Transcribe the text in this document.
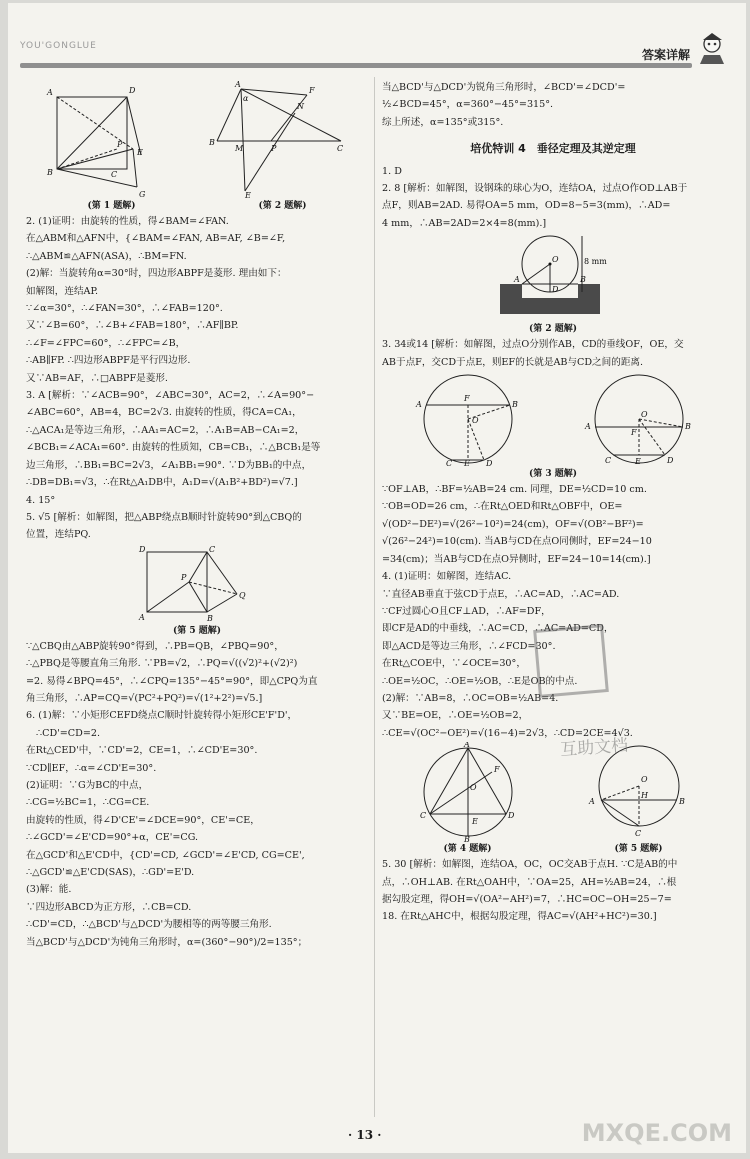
YOU'GONGLUE
答案详解
A	D
B	C
E
G
P
A
F
N
B
M	P	C
E
α
(第 1 题解)	(第 2 题解)
2. (1)证明：由旋转的性质，得∠BAM=∠FAN.
在△ABM和△AFN中，{∠BAM=∠FAN, AB=AF, ∠B=∠F,
∴△ABM≌△AFN(ASA)，∴BM=FN.
(2)解：当旋转角α=30°时，四边形ABPF是菱形. 理由如下：
如解图，连结AP.
∵∠α=30°，∴∠FAN=30°，∴∠FAB=120°.
又∵∠B=60°，∴∠B+∠FAB=180°，∴AF∥BP.
∴∠F=∠FPC=60°，∴∠FPC=∠B，
∴AB∥FP. ∴四边形ABPF是平行四边形.
又∵AB=AF，∴□ABPF是菱形.
3. A [解析：∵∠ACB=90°，∠ABC=30°，AC=2，∴∠A=90°−
∠ABC=60°，AB=4，BC=2√3. 由旋转的性质，得CA=CA₁，
∴△ACA₁是等边三角形，∴AA₁=AC=2，∴A₁B=AB−CA₁=2，
∠BCB₁=∠ACA₁=60°. 由旋转的性质知，CB=CB₁，∴△BCB₁是等
边三角形，∴BB₁=BC=2√3，∠A₁BB₁=90°. ∵D为BB₁的中点，
∴DB=DB₁=√3，∴在Rt△A₁DB中，A₁D=√(A₁B²+BD²)=√7.]
4. 15°
5. √5 [解析：如解图，把△ABP绕点B顺时针旋转90°到△CBQ的
位置，连结PQ.
D	C
A	B
P
Q
(第 5 题解)
∵△CBQ由△ABP旋转90°得到，∴PB=QB，∠PBQ=90°，
∴△PBQ是等腰直角三角形. ∵PB=√2，∴PQ=√((√2)²+(√2)²)
=2. 易得∠BPQ=45°，∴∠CPQ=135°−45°=90°，即△CPQ为直
角三角形，∴AP=CQ=√(PC²+PQ²)=√(1²+2²)=√5.]
6. (1)解：∵小矩形CEFD绕点C顺时针旋转得小矩形CE'F'D'，
∴CD'=CD=2.
在Rt△CED'中，∵CD'=2，CE=1，∴∠CD'E=30°.
∵CD∥EF，∴α=∠CD'E=30°.
(2)证明：∵G为BC的中点，
∴CG=½BC=1，∴CG=CE.
由旋转的性质，得∠D'CE'=∠DCE=90°，CE'=CE，
∴∠GCD'=∠E'CD=90°+α，CE'=CG.
在△GCD'和△E'CD中，{CD'=CD, ∠GCD'=∠E'CD, CG=CE',
∴△GCD'≌△E'CD(SAS)，∴GD'=E'D.
(3)解：能.
∵四边形ABCD为正方形，∴CB=CD.
∴CD'=CD，∴△BCD'与△DCD'为腰相等的两等腰三角形.
当△BCD'与△DCD'为钝角三角形时，α=(360°−90°)/2=135°；
当△BCD'与△DCD'为锐角三角形时，∠BCD'=∠DCD'=
½∠BCD=45°，α=360°−45°=315°.
综上所述，α=135°或315°.
培优特训 4　垂径定理及其逆定理
1. D
2. 8 [解析：如解图，设钢珠的球心为O，连结OA，过点O作OD⊥AB于
点F，则AB=2AD. 易得OA=5 mm，OD=8−5=3(mm)，∴AD=
4 mm，∴AB=2AD=2×4=8(mm).]
A	B
O
D
8 mm
(第 2 题解)
3. 34或14 [解析：如解图，过点O分别作AB，CD的垂线OF，OE，交
AB于点F，交CD于点E，则EF的长就是AB与CD之间的距离.
A	B
F
O
C	D
E
A	B
O
F
C	D
E
(第 3 题解)
∵OF⊥AB，∴BF=½AB=24 cm. 同理，DE=½CD=10 cm.
∵OB=OD=26 cm，∴在Rt△OED和Rt△OBF中，OE=
√(OD²−DE²)=√(26²−10²)=24(cm)，OF=√(OB²−BF²)=
√(26²−24²)=10(cm). 当AB与CD在点O同侧时，EF=24−10
=34(cm)；当AB与CD在点O异侧时，EF=24−10=14(cm).]
4. (1)证明：如解图，连结AC.
∵直径AB垂直于弦CD于点E，∴AC=AD，∴AC=AD.
∵CF过圆心O且CF⊥AD，∴AF=DF，
即CF是AD的中垂线，∴AC=CD，∴AC=AD=CD，
即△ACD是等边三角形，∴∠FCD=30°.
在Rt△COE中，∵∠OCE=30°，
∴OE=½OC，∴OE=½OB，∴E是OB的中点.
(2)解：∵AB=8，∴OC=OB=½AB=4.
又∵BE=OE，∴OE=½OB=2，
∴CE=√(OC²−OE²)=√(16−4)=2√3，∴CD=2CE=4√3.
A
B
C	D
E
F
O
A	B
O
H
C
(第 4 题解)	(第 5 题解)
5. 30 [解析：如解图，连结OA，OC，OC交AB于点H. ∵C是AB的中
点，∴OH⊥AB. 在Rt△OAH中，∵OA=25，AH=½AB=24，∴根
据勾股定理，得OH=√(OA²−AH²)=7，∴HC=OC−OH=25−7=
18. 在Rt△AHC中，根据勾股定理，得AC=√(AH²+HC²)=30.]
互助文档
· 13 ·	MXQE.COM
